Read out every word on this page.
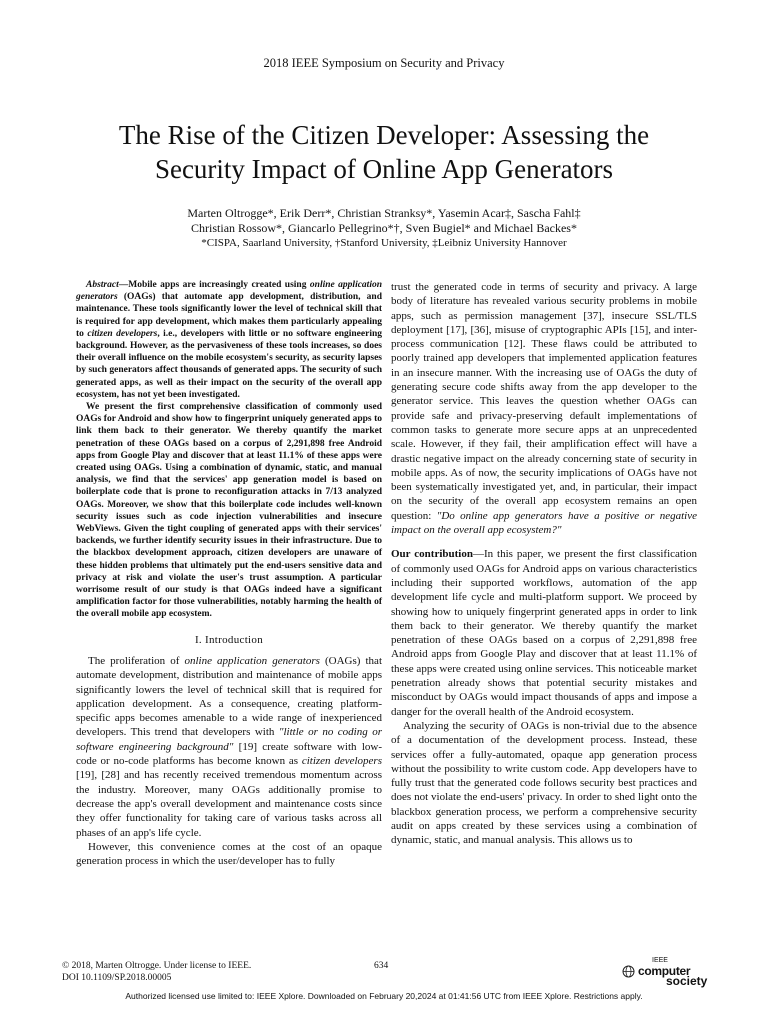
2018 IEEE Symposium on Security and Privacy
The Rise of the Citizen Developer: Assessing the
Security Impact of Online App Generators
Marten Oltrogge*, Erik Derr*, Christian Stranksy*, Yasemin Acar‡, Sascha Fahl‡
Christian Rossow*, Giancarlo Pellegrino*†, Sven Bugiel* and Michael Backes*
*CISPA, Saarland University, †Stanford University, ‡Leibniz University Hannover

Abstract—Mobile apps are increasingly created using online application generators (OAGs) that automate app development, distribution, and maintenance. These tools significantly lower the level of technical skill that is required for app development, which makes them particularly appealing to citizen developers, i.e., developers with little or no software engineering background. However, as the pervasiveness of these tools increases, so does their overall influence on the mobile ecosystem's security, as security lapses by such generators affect thousands of generated apps. The security of such generated apps, as well as their impact on the security of the overall app ecosystem, has not yet been investigated.

We present the first comprehensive classification of commonly used OAGs for Android and show how to fingerprint uniquely generated apps to link them back to their generator. We thereby quantify the market penetration of these OAGs based on a corpus of 2,291,898 free Android apps from Google Play and discover that at least 11.1% of these apps were created using OAGs. Using a combination of dynamic, static, and manual analysis, we find that the services' app generation model is based on boilerplate code that is prone to reconfiguration attacks in 7/13 analyzed OAGs. Moreover, we show that this boilerplate code includes well-known security issues such as code injection vulnerabilities and insecure WebViews. Given the tight coupling of generated apps with their services' backends, we further identify security issues in their infrastructure. Due to the blackbox development approach, citizen developers are unaware of these hidden problems that ultimately put the end-users sensitive data and privacy at risk and violate the user's trust assumption. A particular worrisome result of our study is that OAGs indeed have a significant amplification factor for those vulnerabilities, notably harming the health of the overall mobile app ecosystem.

I. Introduction

The proliferation of online application generators (OAGs) that automate development, distribution and maintenance of mobile apps significantly lowers the level of technical skill that is required for application development. As a consequence, creating platform-specific apps becomes amenable to a wide range of inexperienced developers. This trend that developers with "little or no coding or software engineering background" [19] create software with low-code or no-code platforms has become known as citizen developers [19], [28] and has recently received tremendous momentum across the industry. Moreover, many OAGs additionally promise to decrease the app's overall development and maintenance costs since they offer functionality for taking care of various tasks across all phases of an app's life cycle.

However, this convenience comes at the cost of an opaque generation process in which the user/developer has to fully

trust the generated code in terms of security and privacy. A large body of literature has revealed various security problems in mobile apps, such as permission management [37], insecure SSL/TLS deployment [17], [36], misuse of cryptographic APIs [15], and inter-process communication [12]. These flaws could be attributed to poorly trained app developers that implemented application features in an insecure manner. With the increasing use of OAGs the duty of generating secure code shifts away from the app developer to the generator service. This leaves the question whether OAGs can provide safe and privacy-preserving default implementations of common tasks to generate more secure apps at an unprecedented scale. However, if they fail, their amplification effect will have a drastic negative impact on the already concerning state of security in mobile apps. As of now, the security implications of OAGs have not been systematically investigated yet, and, in particular, their impact on the security of the overall app ecosystem remains an open question: "Do online app generators have a positive or negative impact on the overall app ecosystem?"

Our contribution—In this paper, we present the first classification of commonly used OAGs for Android apps on various characteristics including their supported workflows, automation of the app development life cycle and multi-platform support. We proceed by showing how to uniquely fingerprint generated apps in order to link them back to their generator. We thereby quantify the market penetration of these OAGs based on a corpus of 2,291,898 free Android apps from Google Play and discover that at least 11.1% of these apps were created using online services. This noticeable market penetration already shows that potential security mistakes and misconduct by OAGs would impact thousands of apps and impose a danger for the overall health of the Android ecosystem.

Analyzing the security of OAGs is non-trivial due to the absence of a documentation of the development process. Instead, these services offer a fully-automated, opaque app generation process without the possibility to write custom code. App developers have to fully trust that the generated code follows security best practices and does not violate the end-users' privacy. In order to shed light onto the blackbox generation process, we perform a comprehensive security audit on apps created by these services using a combination of dynamic, static, and manual analysis. This allows us to

© 2018, Marten Oltrogge. Under license to IEEE.
DOI 10.1109/SP.2018.00005
634
IEEE
computer
society
Authorized licensed use limited to: IEEE Xplore. Downloaded on February 20,2024 at 01:41:56 UTC from IEEE Xplore. Restrictions apply.
